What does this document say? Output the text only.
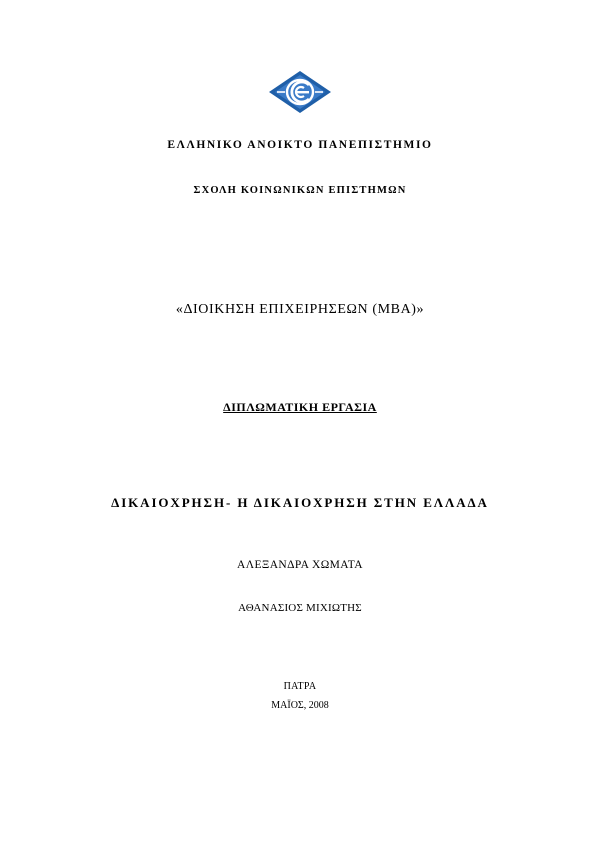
ΕΛΛΗΝΙΚΟ ΑΝΟΙΚΤΟ ΠΑΝΕΠΙΣΤΗΜΙΟ
ΣΧΟΛΗ ΚΟΙΝΩΝΙΚΩΝ ΕΠΙΣΤΗΜΩΝ
«ΔΙΟΙΚΗΣΗ ΕΠΙΧΕΙΡΗΣΕΩΝ (MBA)»
ΔΙΠΛΩΜΑΤΙΚΗ ΕΡΓΑΣΙΑ
ΔΙΚΑΙΟΧΡΗΣΗ- Η ΔΙΚΑΙΟΧΡΗΣΗ ΣΤΗΝ ΕΛΛΑΔΑ
ΑΛΕΞΑΝΔΡΑ ΧΩΜΑΤΑ
ΑΘΑΝΑΣΙΟΣ ΜΙΧΙΩΤΗΣ
ΠΑΤΡΑ
ΜΑΪΟΣ, 2008
